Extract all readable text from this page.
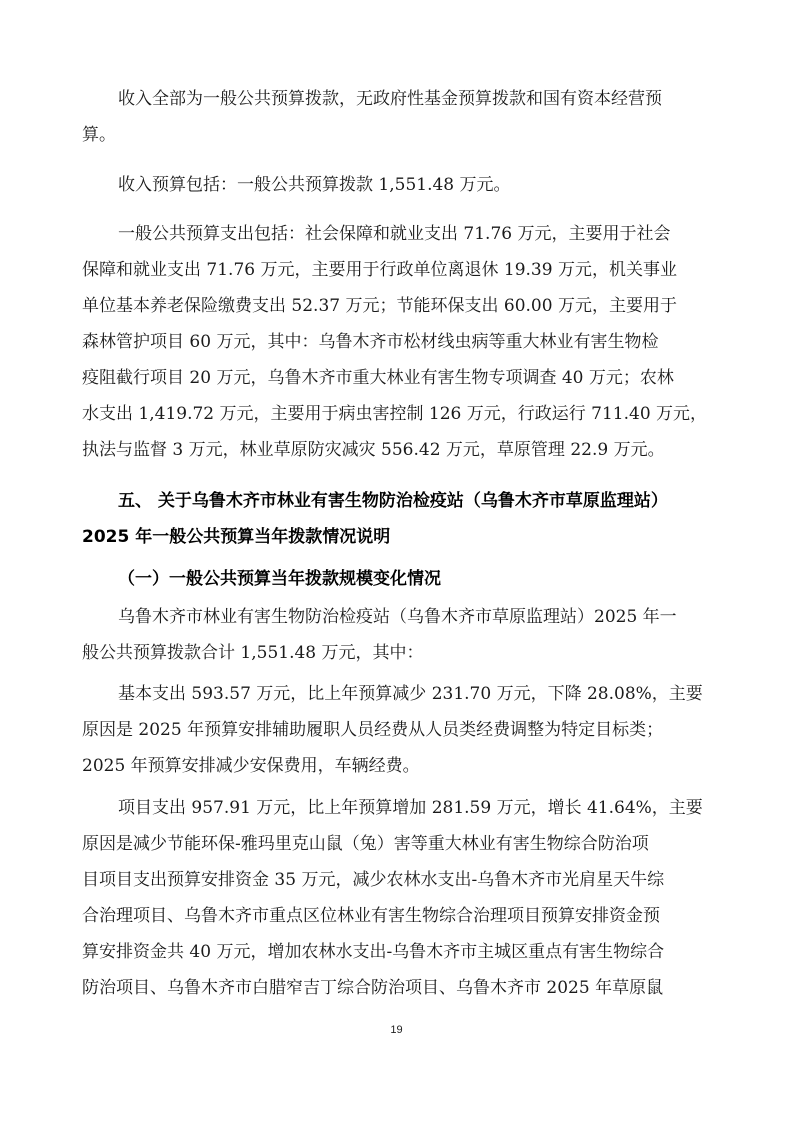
收入全部为一般公共预算拨款，无政府性基金预算拨款和国有资本经营预
算。
收入预算包括：一般公共预算拨款 1,551.48 万元。
一般公共预算支出包括：社会保障和就业支出 71.76 万元，主要用于社会
保障和就业支出 71.76 万元，主要用于行政单位离退休 19.39 万元，机关事业
单位基本养老保险缴费支出 52.37 万元；节能环保支出 60.00 万元，主要用于
森林管护项目 60 万元，其中：乌鲁木齐市松材线虫病等重大林业有害生物检
疫阻截行项目 20 万元，乌鲁木齐市重大林业有害生物专项调查 40 万元；农林
水支出 1,419.72 万元，主要用于病虫害控制 126 万元，行政运行 711.40 万元，
执法与监督 3 万元，林业草原防灾减灾 556.42 万元，草原管理 22.9 万元。
五、 关于乌鲁木齐市林业有害生物防治检疫站（乌鲁木齐市草原监理站）
2025 年一般公共预算当年拨款情况说明
（一）一般公共预算当年拨款规模变化情况
乌鲁木齐市林业有害生物防治检疫站（乌鲁木齐市草原监理站）2025 年一
般公共预算拨款合计 1,551.48 万元，其中：
基本支出 593.57 万元，比上年预算减少 231.70 万元，下降 28.08%，主要
原因是 2025 年预算安排辅助履职人员经费从人员类经费调整为特定目标类；
2025 年预算安排减少安保费用，车辆经费。
项目支出 957.91 万元，比上年预算增加 281.59 万元，增长 41.64%，主要
原因是减少节能环保-雅玛里克山鼠（兔）害等重大林业有害生物综合防治项
目项目支出预算安排资金 35 万元，减少农林水支出-乌鲁木齐市光肩星天牛综
合治理项目、乌鲁木齐市重点区位林业有害生物综合治理项目预算安排资金预
算安排资金共 40 万元，增加农林水支出-乌鲁木齐市主城区重点有害生物综合
防治项目、乌鲁木齐市白腊窄吉丁综合防治项目、乌鲁木齐市 2025 年草原鼠
19
